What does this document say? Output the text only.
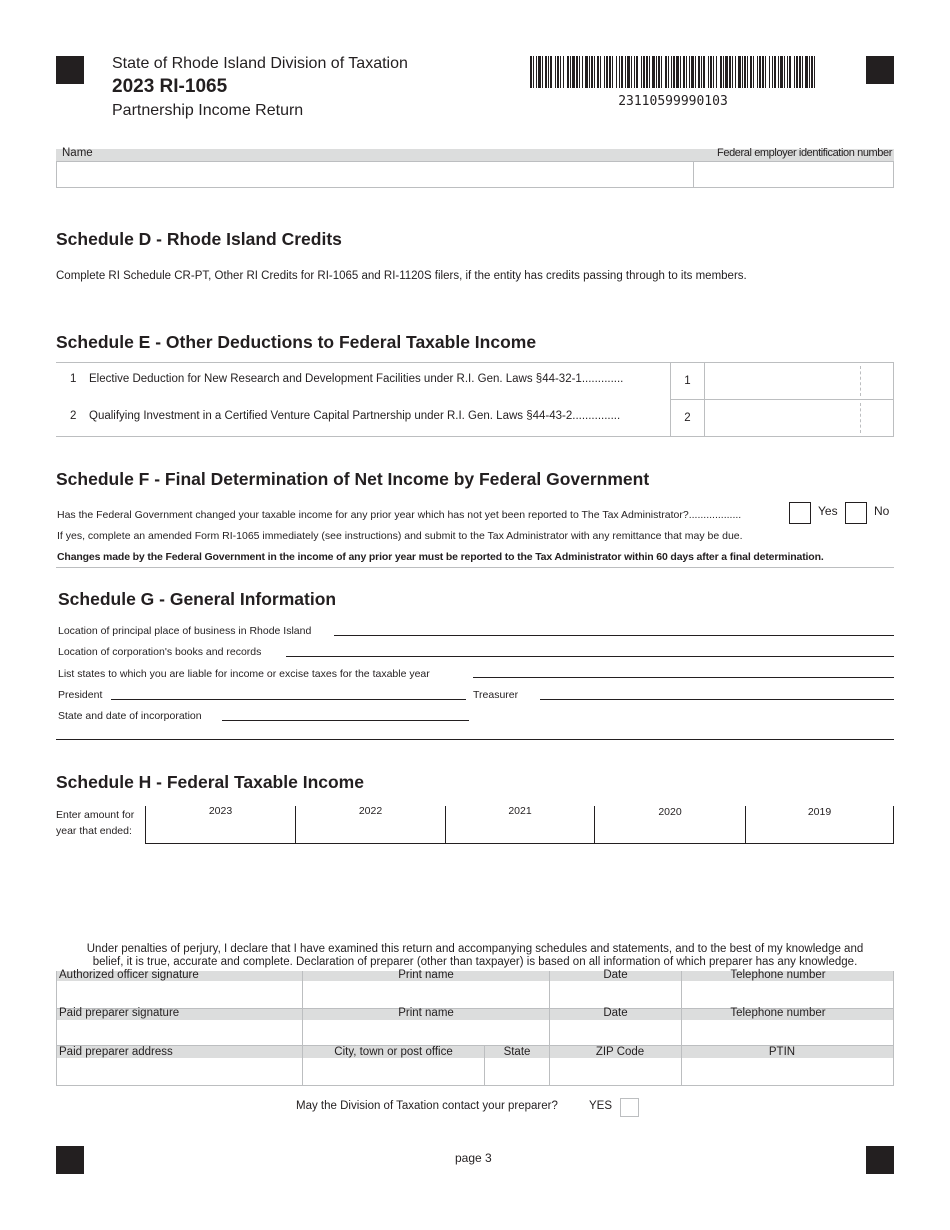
State of Rhode Island Division of Taxation
2023 RI-1065
Partnership Income Return
23110599990103
Name	Federal employer identification number
Schedule D - Rhode Island Credits
Complete RI Schedule CR-PT, Other RI Credits for RI-1065 and RI-1120S filers, if the entity has credits passing through to its members.
Schedule E - Other Deductions to Federal Taxable Income
1 Elective Deduction for New Research and Development Facilities under R.I. Gen. Laws §44-32-1.............	1
2 Qualifying Investment in a Certified Venture Capital Partnership under R.I. Gen. Laws §44-43-2...............	2
Schedule F - Final Determination of Net Income by Federal Government
Has the Federal Government changed your taxable income for any prior year which has not yet been reported to The Tax Administrator?..................	Yes	No
If yes, complete an amended Form RI-1065 immediately (see instructions) and submit to the Tax Administrator with any remittance that may be due.
Changes made by the Federal Government in the income of any prior year must be reported to the Tax Administrator within 60 days after a final determination.
Schedule G - General Information
Location of principal place of business in Rhode Island
Location of corporation's books and records
List states to which you are liable for income or excise taxes for the taxable year
President	Treasurer
State and date of incorporation
Schedule H - Federal Taxable Income
Enter amount for
year that ended:
2023	2022	2021	2020	2019
Under penalties of perjury, I declare that I have examined this return and accompanying schedules and statements, and to the best of my knowledge and
belief, it is true, accurate and complete. Declaration of preparer (other than taxpayer) is based on all information of which preparer has any knowledge.
Authorized officer signature	Print name	Date	Telephone number
Paid preparer signature	Print name	Date	Telephone number
Paid preparer address	City, town or post office	State	ZIP Code	PTIN
May the Division of Taxation contact your preparer?	YES
page 3
